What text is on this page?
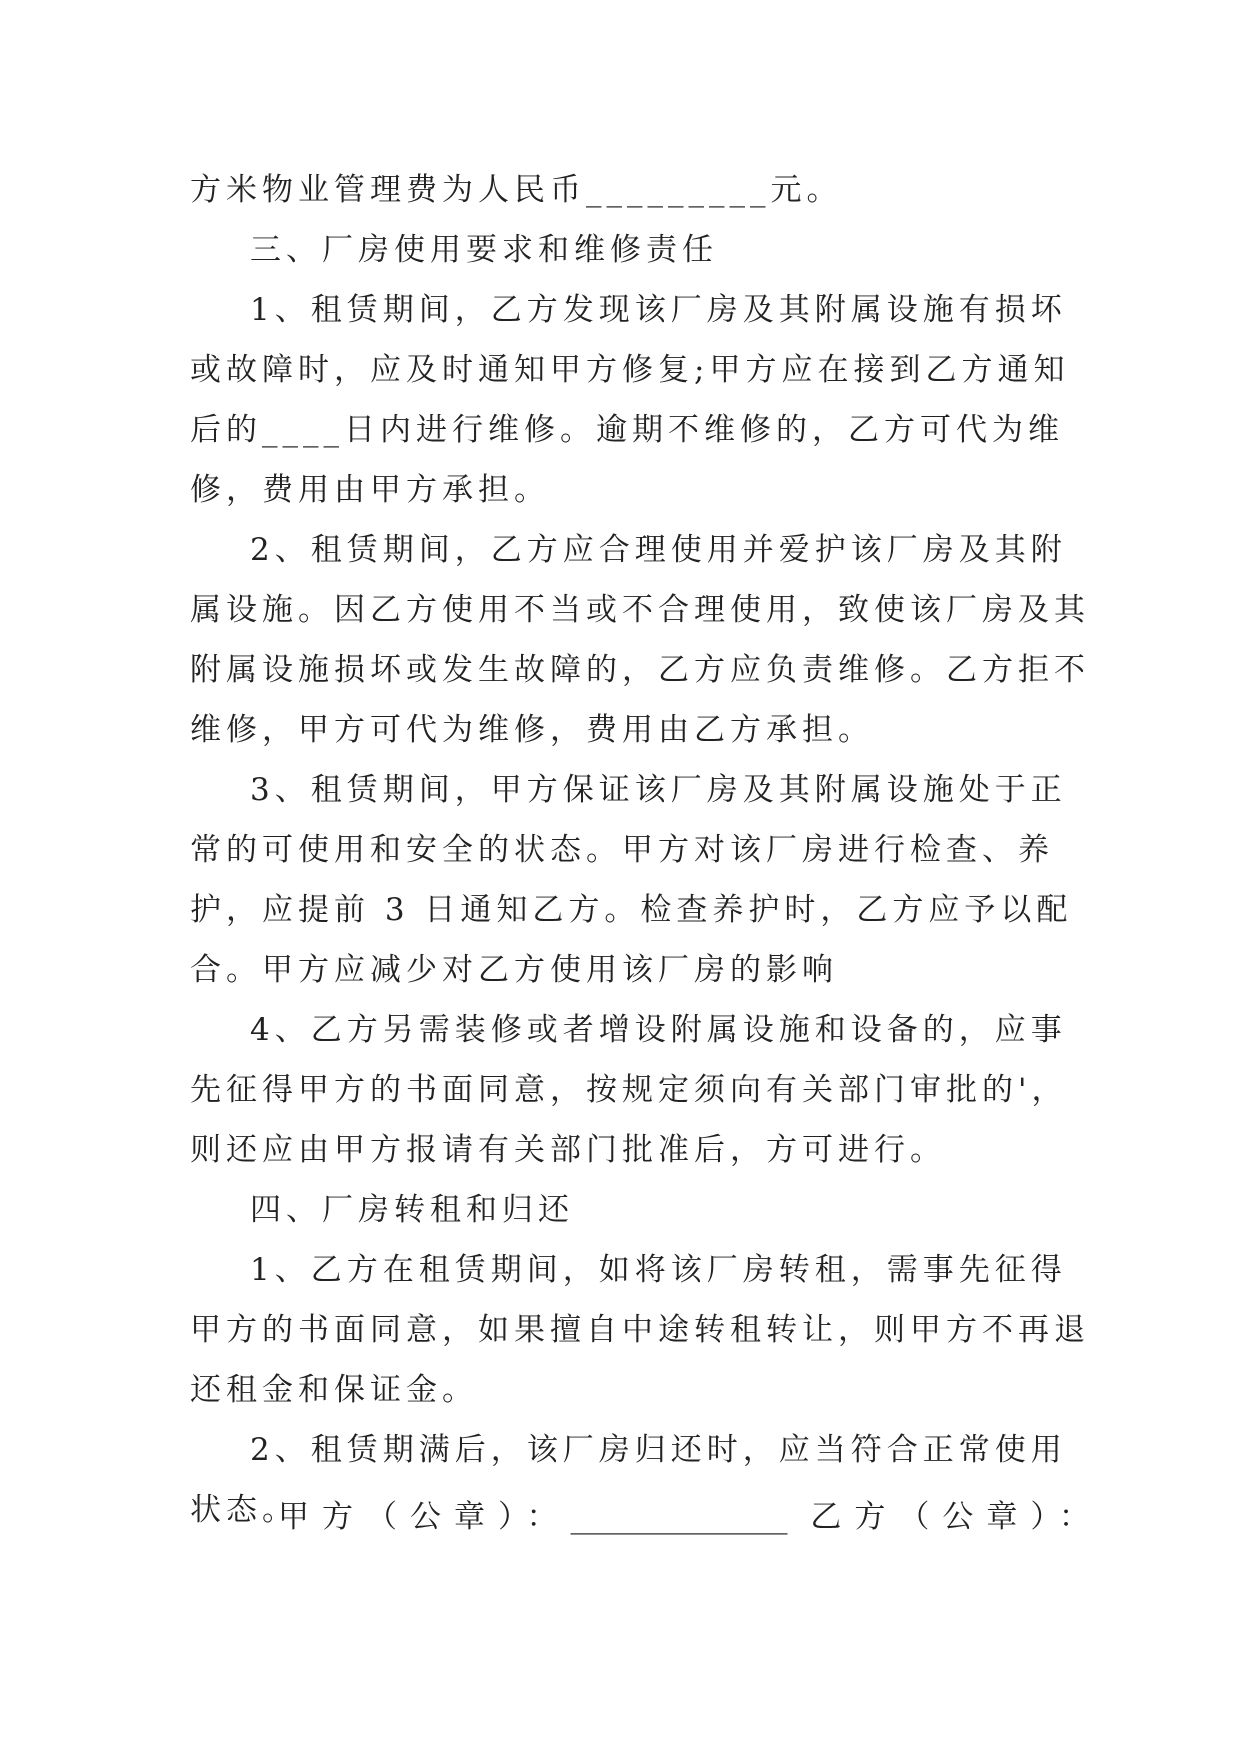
方米物业管理费为人民币_________元。

三、厂房使用要求和维修责任

1、租赁期间，乙方发现该厂房及其附属设施有损坏或故障时，应及时通知甲方修复;甲方应在接到乙方通知后的____日内进行维修。逾期不维修的，乙方可代为维修，费用由甲方承担。

2、租赁期间，乙方应合理使用并爱护该厂房及其附属设施。因乙方使用不当或不合理使用，致使该厂房及其附属设施损坏或发生故障的，乙方应负责维修。乙方拒不维修，甲方可代为维修，费用由乙方承担。

3、租赁期间，甲方保证该厂房及其附属设施处于正常的可使用和安全的状态。甲方对该厂房进行检查、养护，应提前 3 日通知乙方。检查养护时，乙方应予以配合。甲方应减少对乙方使用该厂房的影响

4、乙方另需装修或者增设附属设施和设备的，应事先征得甲方的书面同意，按规定须向有关部门审批的'，则还应由甲方报请有关部门批准后，方可进行。

四、厂房转租和归还

1、乙方在租赁期间，如将该厂房转租，需事先征得甲方的书面同意，如果擅自中途转租转让，则甲方不再退还租金和保证金。

2、租赁期满后，该厂房归还时，应当符合正常使用状态。

甲方（公章）：______________ 乙方（公章）：
